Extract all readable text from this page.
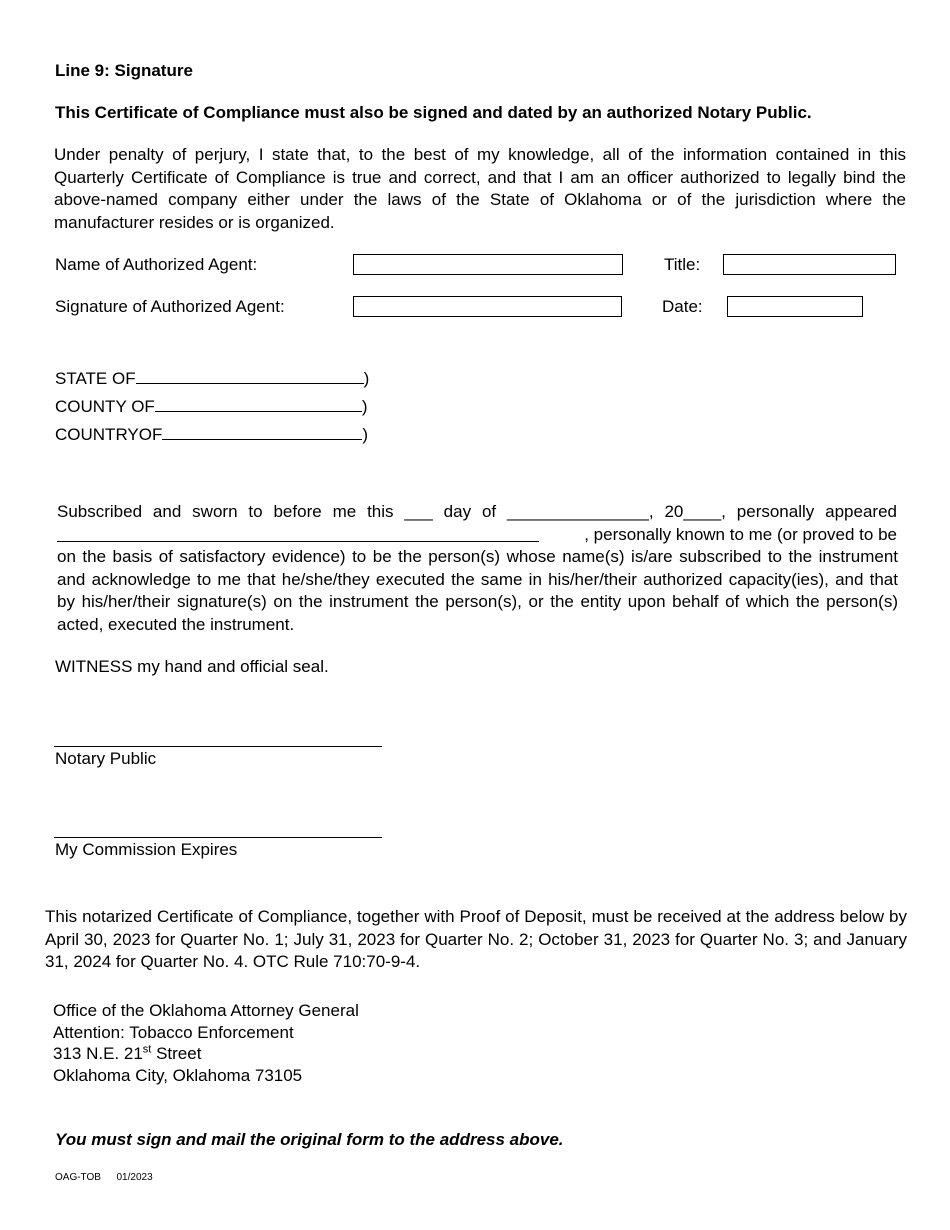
Line 9: Signature
This Certificate of Compliance must also be signed and dated by an authorized Notary Public.
Under penalty of perjury, I state that, to the best of my knowledge, all of the information contained in this Quarterly Certificate of Compliance is true and correct, and that I am an officer authorized to legally bind the above-named company either under the laws of the State of Oklahoma or of the jurisdiction where the manufacturer resides or is organized.
Name of Authorized Agent:	Title:
Signature of Authorized Agent:	Date:
STATE OF	)
COUNTY OF	)
COUNTRYOF	)
Subscribed and sworn to before me this ___ day of _______________, 20____, personally appeared
, personally known to me (or proved to be
on the basis of satisfactory evidence) to be the person(s) whose name(s) is/are subscribed to the instrument and acknowledge to me that he/she/they executed the same in his/her/their authorized capacity(ies), and that by his/her/their signature(s) on the instrument the person(s), or the entity upon behalf of which the person(s) acted, executed the instrument.
WITNESS my hand and official seal.
Notary Public
My Commission Expires
This notarized Certificate of Compliance, together with Proof of Deposit, must be received at the address below by April 30, 2023 for Quarter No. 1; July 31, 2023 for Quarter No. 2; October 31, 2023 for Quarter No. 3; and January 31, 2024 for Quarter No. 4. OTC Rule 710:70-9-4.
Office of the Oklahoma Attorney General
Attention: Tobacco Enforcement
313 N.E. 21st Street
Oklahoma City, Oklahoma 73105
You must sign and mail the original form to the address above.
OAG-TOB 01/2023
